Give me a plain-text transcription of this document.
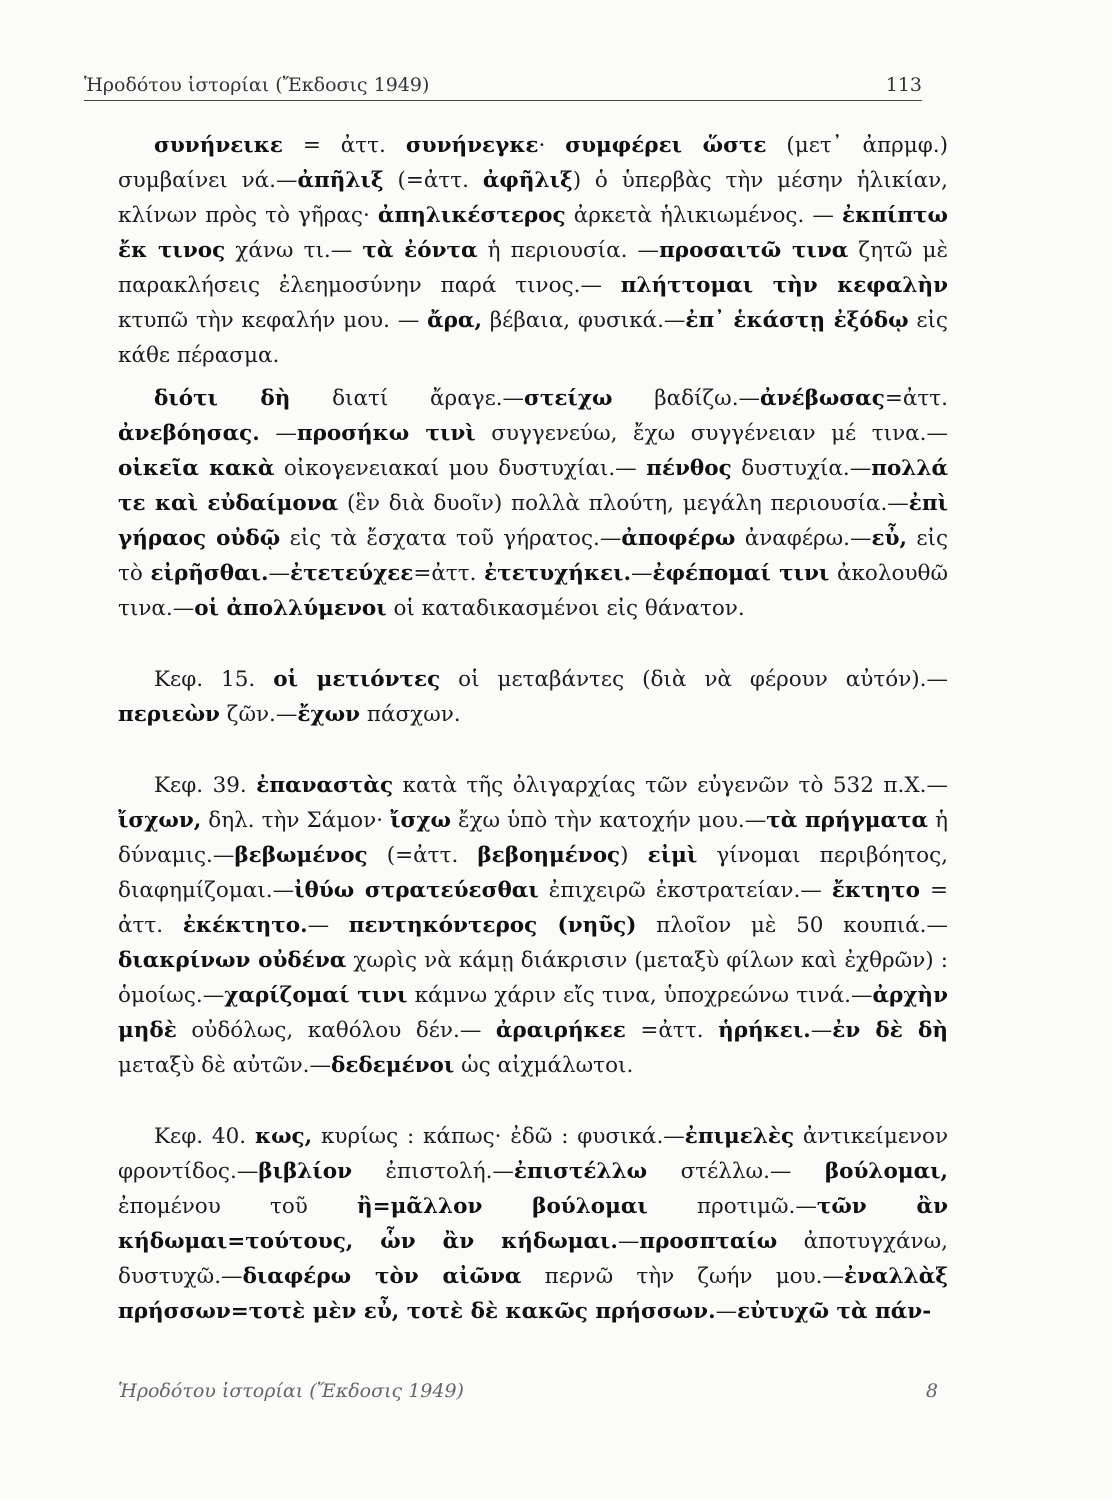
Ἡροδότου ἱστορίαι (Ἔκδοσις 1949)	113

συνήνεικε = ἀττ. συνήνεγκε· συμφέρει ὥστε (μετ᾽ ἀπρμφ.) συμβαίνει νά.—ἀπῆλιξ (=ἀττ. ἀφῆλιξ) ὁ ὑπερβὰς τὴν μέσην ἡλικίαν, κλίνων πρὸς τὸ γῆρας· ἀπηλικέστερος ἀρκετὰ ἡλικιωμένος. — ἐκπίπτω ἔκ τινος χάνω τι.— τὰ ἐόντα ἡ περιουσία. —προσαιτῶ τινα ζητῶ μὲ παρακλήσεις ἐλεημοσύνην παρά τινος.— πλήττομαι τὴν κεφαλὴν κτυπῶ τὴν κεφαλήν μου. — ἄρα, βέβαια, φυσικά.—ἐπ᾽ ἑκάστῃ ἐξόδῳ εἰς κάθε πέρασμα.

διότι δὴ διατί ἄραγε.—στείχω βαδίζω.—ἀνέβωσας=ἀττ. ἀνεβόησας. —προσήκω τινὶ συγγενεύω, ἔχω συγγένειαν μέ τινα.— οἰκεῖα κακὰ οἰκογενειακαί μου δυστυχίαι.— πένθος δυστυχία.—πολλά τε καὶ εὐδαίμονα (ἓν διὰ δυοῖν) πολλὰ πλούτη, μεγάλη περιουσία.—ἐπὶ γήραος οὐδῷ εἰς τὰ ἔσχατα τοῦ γήρατος.—ἀποφέρω ἀναφέρω.—εὖ, εἰς τὸ εἰρῆσθαι.—ἐτετεύχεε=ἀττ. ἐτετυχήκει.—ἐφέπομαί τινι ἀκολουθῶ τινα.—οἱ ἀπολλύμενοι οἱ καταδικασμένοι εἰς θάνατον.

Κεφ. 15. οἱ μετιόντες οἱ μεταβάντες (διὰ νὰ φέρουν αὐτόν).— περιεὼν ζῶν.—ἔχων πάσχων.

Κεφ. 39. ἐπαναστὰς κατὰ τῆς ὀλιγαρχίας τῶν εὐγενῶν τὸ 532 π.Χ.—ἴσχων, δηλ. τὴν Σάμον· ἴσχω ἔχω ὑπὸ τὴν κατοχήν μου.—τὰ πρήγματα ἡ δύναμις.—βεβωμένος (=ἀττ. βεβοημένος) εἰμὶ γίνομαι περιβόητος, διαφημίζομαι.—ἰθύω στρατεύεσθαι ἐπιχειρῶ ἐκστρατείαν.— ἔκτητο = ἀττ. ἐκέκτητο.— πεντηκόντερος (νηῦς) πλοῖον μὲ 50 κουπιά.—διακρίνων οὐδένα χωρὶς νὰ κάμῃ διάκρισιν (μεταξὺ φίλων καὶ ἐχθρῶν) : ὁμοίως.—χαρίζομαί τινι κάμνω χάριν εἴς τινα, ὑποχρεώνω τινά.—ἀρχὴν μηδὲ οὐδόλως, καθόλου δέν.— ἀραιρήκεε =ἀττ. ἡρήκει.—ἐν δὲ δὴ μεταξὺ δὲ αὐτῶν.—δεδεμένοι ὡς αἰχμάλωτοι.

Κεφ. 40. κως, κυρίως : κάπως· ἐδῶ : φυσικά.—ἐπιμελὲς ἀντικείμενον φροντίδος.—βιβλίον ἐπιστολή.—ἐπιστέλλω στέλλω.— βούλομαι, ἐπομένου τοῦ ἢ=μᾶλλον βούλομαι προτιμῶ.—τῶν ἂν κήδωμαι=τούτους, ὧν ἂν κήδωμαι.—προσπταίω ἀποτυγχάνω, δυστυχῶ.—διαφέρω τὸν αἰῶνα περνῶ τὴν ζωήν μου.—ἐναλλὰξ πρήσσων=τοτὲ μὲν εὖ, τοτὲ δὲ κακῶς πρήσσων.—εὐτυχῶ τὰ πάν-

Ἡροδότου ἱστορίαι (Ἔκδοσις 1949)	8
